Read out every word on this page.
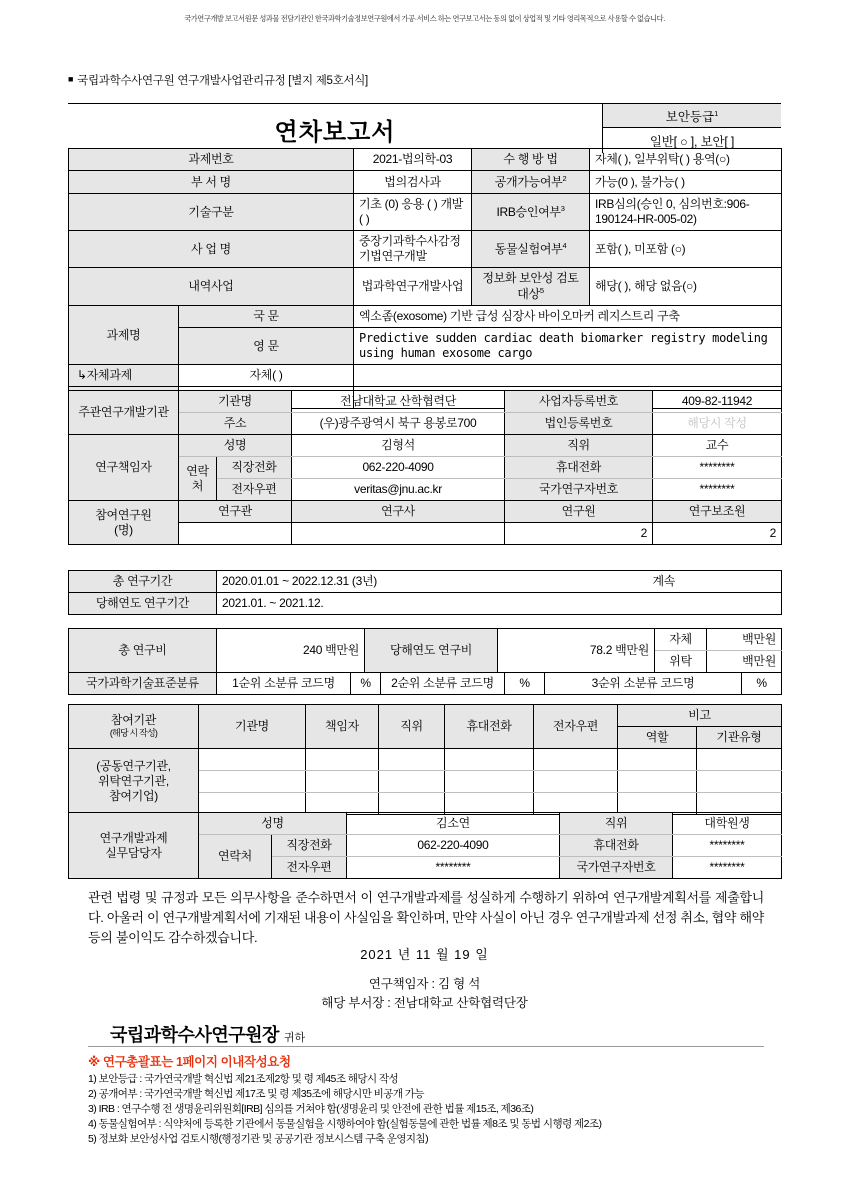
국가연구개발 보고서원문 성과물 전담기관인 한국과학기술정보연구원에서 가공·서비스 하는 연구보고서는 동의 없이 상업적 및 기타 영리목적으로 사용할 수 없습니다.
■ 국립과학수사연구원 연구개발사업관리규정 [별지 제5호서식]
연차보고서
보안등급$^1$
일반[ ○ ], 보안[ ]
과제번호		2021-법의학-03	수 행 방 법	자체( ), 일부위탁( ) 용역(○)
부 서 명		법의검사과	공개가능여부$^2$	가능(0 ), 불가능( )
기술구분		기초 (0) 응용 ( ) 개발( )	IRB승인여부$^3$	IRB심의(승인 0, 심의번호:906-190124-HR-005-02)
사 업 명		중장기과학수사감정기법연구개발	동물실험여부$^4$	포함( ), 미포함 (○)
내역사업		법과학연구개발사업	정보화 보안성 검토대상$^5$	해당( ), 해당 없음(○)
과제명	국 문	엑소좀(exosome) 기반 급성 심장사 바이오마커 레지스트리 구축		
	영 문	Predictive sudden cardiac death biomarker registry modeling using human exosome cargo		
↳자체과제	자체( )			

주관연구개발기관	기관명		전남대학교 산학협력단	사업자등록번호	409-82-11942
	주소		(우)광주광역시 북구 용봉로700	법인등록번호	해당시 작성
연구책임자	성명		김형석	직위	교수
	연락처	직장전화	062-220-4090	휴대전화	********
		전자우편	veritas@jnu.ac.kr	국가연구자번호	********

참여연구원
(명)	연구관		연구사	연구원	연구보조원
				2	2
총 연구기간	2020.01.01 ~ 2022.12.31 (3년)	계속
당해연도 연구기간	2021.01. ~ 2021.12.	
총 연구비	240 백만원	당해연도 연구비	78.2 백만원	자체	백만원
				위탁	백만원
국가과학기술표준분류	1순위 소분류 코드명	%	2순위 소분류 코드명	%	3순위 소분류 코드명	%
참여기관
(해당 시 작성)	기관명	책임자	직위	휴대전화	전자우편	비고	
						역할	기관유형

(공동연구기관,
위탁연구기관,
참여기업)							

연구개발과제
실무담당자	성명		김소연	직위	대학원생
	연락처	직장전화	062-220-4090	휴대전화	********
		전자우편	********	국가연구자번호	********
관련 법령 및 규정과 모든 의무사항을 준수하면서 이 연구개발과제를 성실하게 수행하기 위하여 연구개발계획서를 제출합니다. 아울러 이 연구개발계획서에 기재된 내용이 사실임을 확인하며, 만약 사실이 아닌 경우 연구개발과제 선정 취소, 협약 해약 등의 불이익도 감수하겠습니다.
2021 년 11 월 19 일
연구책임자 : 김 형 석
해당 부서장 : 전남대학교 산학협력단장
국립과학수사연구원장 귀하
※ 연구총괄표는 1페이지 이내작성요청
1) 보안등급 : 국가연국개발 혁신법 제21조제2항 및 령 제45조 해당시 작성
2) 공개여부 : 국가연국개발 혁신법 제17조 및 령 제35조에 해당시만 비공개 가능
3) IRB : 연구수행 전 생명윤리위원회[IRB] 심의를 거쳐야 함(생명윤리 및 안전에 관한 법률 제15조, 제36조)
4) 동물실험여부 : 식약처에 등록한 기관에서 동물실험을 시행하여야 함(실험동물에 관한 법률 제8조 및 동법 시행령 제2조)
5) 정보화 보안성사업 검토시행(행정기관 및 공공기관 정보시스템 구축 운영지침)
